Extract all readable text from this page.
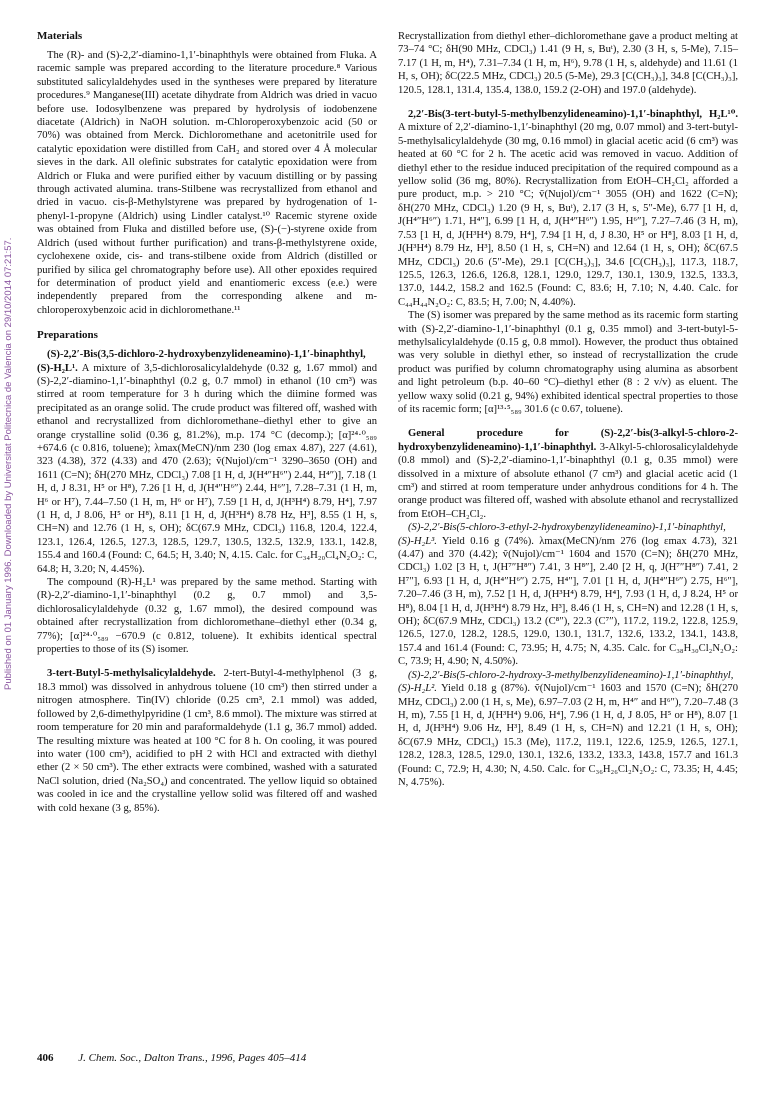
Published on 01 January 1996. Downloaded by Universitat Politecnica de Valencia on 29/10/2014 07:21:57.
Materials

The (R)- and (S)-2,2′-diamino-1,1′-binaphthyls were obtained from Fluka. A racemic sample was prepared according to the literature procedure.⁸ Various substituted salicylaldehydes used in the syntheses were prepared by literature procedures.⁹ Manganese(III) acetate dihydrate from Aldrich was dried in vacuo before use. Iodosylbenzene was prepared by hydrolysis of iodobenzene diacetate (Aldrich) in NaOH solution. m-Chloroperoxybenzoic acid (50 or 70%) was obtained from Merck. Dichloromethane and acetonitrile used for catalytic epoxidation were distilled from CaH₂ and stored over 4 Å molecular sieves in the dark. All olefinic substrates for catalytic epoxidation were from Aldrich or Fluka and were purified either by vacuum distilling or by passing through activated alumina. trans-Stilbene was recrystallized from ethanol and dried in vacuo. cis-β-Methylstyrene was prepared by hydrogenation of 1-phenyl-1-propyne (Aldrich) using Lindler catalyst.¹⁰ Racemic styrene oxide was obtained from Fluka and distilled before use, (S)-(−)-styrene oxide from Aldrich (used without further purification) and trans-β-methylstyrene oxide, cyclohexene oxide, cis- and trans-stilbene oxide from Aldrich (distilled or purified by silica gel chromatography before use). All other epoxides required for determination of product yield and enantiomeric excess (e.e.) were independently prepared from the corresponding alkene and m-chloroperoxybenzoic acid in dichloromethane.¹¹

Preparations

(S)-2,2′-Bis(3,5-dichloro-2-hydroxybenzylideneamino)-1,1′-binaphthyl, (S)-H₂L¹. A mixture of 3,5-dichlorosalicylaldehyde (0.32 g, 1.67 mmol) and (S)-2,2′-diamino-1,1′-binaphthyl (0.2 g, 0.7 mmol) in ethanol (10 cm³) was stirred at room temperature for 3 h during which the diimine formed was precipitated as an orange solid. The crude product was filtered off, washed with ethanol and recrystallized from dichloromethane–diethyl ether to give an orange crystalline solid (0.36 g, 81.2%), m.p. 174 °C (decomp.); [α]²⁴·⁰₅₈₉ +674.6 (c 0.816, toluene); λmax(MeCN)/nm 230 (log εmax 4.87), 227 (4.61), 323 (4.38), 372 (4.33) and 470 (2.63); ṽ(Nujol)/cm⁻¹ 3290–3650 (OH) and 1611 (C=N); δH(270 MHz, CDCl₃) 7.08 [1 H, d, J(H⁴″H⁶″) 2.44, H⁴″)], 7.18 (1 H, d, J 8.31, H⁵ or H⁸), 7.26 [1 H, d, J(H⁴″H⁶″) 2.44, H⁶″], 7.28–7.31 (1 H, m, H⁶ or H⁷), 7.44–7.50 (1 H, m, H⁶ or H⁷), 7.59 [1 H, d, J(H³H⁴) 8.79, H⁴], 7.97 (1 H, d, J 8.06, H⁵ or H⁸), 8.11 [1 H, d, J(H³H⁴) 8.78 Hz, H³], 8.55 (1 H, s, CH=N) and 12.76 (1 H, s, OH); δC(67.9 MHz, CDCl₃) 116.8, 120.4, 122.4, 123.1, 126.4, 126.5, 127.3, 128.5, 129.7, 130.5, 132.5, 132.9, 133.1, 142.8, 155.4 and 160.4 (Found: C, 64.5; H, 3.40; N, 4.15. Calc. for C₃₄H₂₀Cl₄N₂O₂: C, 64.8; H, 3.20; N, 4.45%).

The compound (R)-H₂L¹ was prepared by the same method. Starting with (R)-2,2′-diamino-1,1′-binaphthyl (0.2 g, 0.7 mmol) and 3,5-dichlorosalicylaldehyde (0.32 g, 1.67 mmol), the desired compound was obtained after recrystallization from dichloromethane–diethyl ether (0.34 g, 77%); [α]²⁴·⁰₅₈₉ −670.9 (c 0.812, toluene). It exhibits identical spectral properties to those of its (S) isomer.

3-tert-Butyl-5-methylsalicylaldehyde. 2-tert-Butyl-4-methylphenol (3 g, 18.3 mmol) was dissolved in anhydrous toluene (10 cm³) then stirred under a nitrogen atmosphere. Tin(IV) chloride (0.25 cm³, 2.1 mmol) was added, followed by 2,6-dimethylpyridine (1 cm³, 8.6 mmol). The mixture was stirred at room temperature for 20 min and paraformaldehyde (1.1 g, 36.7 mmol) added. The resulting mixture was heated at 100 °C for 8 h. On cooling, it was poured into water (100 cm³), acidified to pH 2 with HCl and extracted with diethyl ether (2 × 50 cm³). The ether extracts were combined, washed with a saturated NaCl solution, dried (Na₂SO₄) and concentrated. The yellow liquid so obtained was cooled in ice and the crystalline yellow solid was filtered off and washed with cold hexane (3 g, 85%).

Recrystallization from diethyl ether–dichloromethane gave a product melting at 73–74 °C; δH(90 MHz, CDCl₃) 1.41 (9 H, s, Buᵗ), 2.30 (3 H, s, 5-Me), 7.15–7.17 (1 H, m, H⁴), 7.31–7.34 (1 H, m, H⁶), 9.78 (1 H, s, aldehyde) and 11.61 (1 H, s, OH); δC(22.5 MHz, CDCl₃) 20.5 (5-Me), 29.3 [C(CH₃)₃], 34.8 [C(CH₃)₃], 120.5, 128.1, 131.4, 135.4, 138.0, 159.2 (2-OH) and 197.0 (aldehyde).

2,2′-Bis(3-tert-butyl-5-methylbenzylideneamino)-1,1′-binaphthyl, H₂L¹⁰. A mixture of 2,2′-diamino-1,1′-binaphthyl (20 mg, 0.07 mmol) and 3-tert-butyl-5-methylsalicylaldehyde (30 mg, 0.16 mmol) in glacial acetic acid (6 cm³) was heated at 60 °C for 2 h. The acetic acid was removed in vacuo. Addition of diethyl ether to the residue induced precipitation of the required compound as a yellow solid (36 mg, 80%). Recrystallization from EtOH–CH₂Cl₂ afforded a pure product, m.p. > 210 °C; ṽ(Nujol)/cm⁻¹ 3055 (OH) and 1622 (C=N); δH(270 MHz, CDCl₃) 1.20 (9 H, s, Buᵗ), 2.17 (3 H, s, 5″-Me), 6.77 [1 H, d, J(H⁴″H⁶″) 1.71, H⁴″], 6.99 [1 H, d, J(H⁴″H⁶″) 1.95, H⁶″], 7.27–7.46 (3 H, m), 7.53 [1 H, d, J(H³H⁴) 8.79, H⁴], 7.94 [1 H, d, J 8.30, H⁵ or H⁸], 8.03 [1 H, d, J(H³H⁴) 8.79 Hz, H³], 8.50 (1 H, s, CH=N) and 12.64 (1 H, s, OH); δC(67.5 MHz, CDCl₃) 20.6 (5″-Me), 29.1 [C(CH₃)₃], 34.6 [C(CH₃)₃], 117.3, 118.7, 125.5, 126.3, 126.6, 126.8, 128.1, 129.0, 129.7, 130.1, 130.9, 132.5, 133.3, 137.0, 144.2, 158.2 and 162.5 (Found: C, 83.6; H, 7.10; N, 4.40. Calc. for C₄₄H₄₄N₂O₂: C, 83.5; H, 7.00; N, 4.40%).

The (S) isomer was prepared by the same method as its racemic form starting with (S)-2,2′-diamino-1,1′-binaphthyl (0.1 g, 0.35 mmol) and 3-tert-butyl-5-methylsalicylaldehyde (0.15 g, 0.8 mmol). However, the product thus obtained was very soluble in diethyl ether, so instead of recrystallization the crude product was purified by column chromatography using alumina as absorbent and light petroleum (b.p. 40–60 °C)–diethyl ether (8 : 2 v/v) as eluent. The yellow waxy solid (0.21 g, 94%) exhibited identical spectral properties to those of its racemic form; [α]¹³·⁵₅₈₉ 301.6 (c 0.67, toluene).

General procedure for (S)-2,2′-bis(3-alkyl-5-chloro-2-hydroxybenzylideneamino)-1,1′-binaphthyl. 3-Alkyl-5-chlorosalicylaldehyde (0.8 mmol) and (S)-2,2′-diamino-1,1′-binaphthyl (0.1 g, 0.35 mmol) were dissolved in a mixture of absolute ethanol (7 cm³) and glacial acetic acid (1 cm³) and stirred at room temperature under anhydrous conditions for 4 h. The orange product was filtered off, washed with absolute ethanol and recrystallized from EtOH–CH₂Cl₂.

(S)-2,2′-Bis(5-chloro-3-ethyl-2-hydroxybenzylideneamino)-1,1′-binaphthyl, (S)-H₂L³. Yield 0.16 g (74%). λmax(MeCN)/nm 276 (log εmax 4.73), 321 (4.47) and 370 (4.42); ṽ(Nujol)/cm⁻¹ 1604 and 1570 (C=N); δH(270 MHz, CDCl₃) 1.02 [3 H, t, J(H⁷″H⁸″) 7.41, 3 H⁸″], 2.40 [2 H, q, J(H⁷″H⁸″) 7.41, 2 H⁷″], 6.93 [1 H, d, J(H⁴″H⁶″) 2.75, H⁴″], 7.01 [1 H, d, J(H⁴″H⁶″) 2.75, H⁶″], 7.20–7.46 (3 H, m), 7.52 [1 H, d, J(H³H⁴) 8.79, H⁴], 7.93 (1 H, d, J 8.24, H⁵ or H⁸), 8.04 [1 H, d, J(H³H⁴) 8.79 Hz, H³], 8.46 (1 H, s, CH=N) and 12.28 (1 H, s, OH); δC(67.9 MHz, CDCl₃) 13.2 (C⁸″), 22.3 (C⁷″), 117.2, 119.2, 122.8, 125.9, 126.5, 127.0, 128.2, 128.5, 129.0, 130.1, 131.7, 132.6, 133.2, 134.1, 143.8, 157.4 and 161.4 (Found: C, 73.95; H, 4.75; N, 4.35. Calc. for C₃₈H₃₀Cl₂N₂O₂: C, 73.9; H, 4.90; N, 4.50%).

(S)-2,2′-Bis(5-chloro-2-hydroxy-3-methylbenzylideneamino)-1,1′-binaphthyl, (S)-H₂L². Yield 0.18 g (87%). ṽ(Nujol)/cm⁻¹ 1603 and 1570 (C=N); δH(270 MHz, CDCl₃) 2.00 (1 H, s, Me), 6.97–7.03 (2 H, m, H⁴″ and H⁶″), 7.20–7.48 (3 H, m), 7.55 [1 H, d, J(H³H⁴) 9.06, H⁴], 7.96 (1 H, d, J 8.05, H⁵ or H⁸), 8.07 [1 H, d, J(H³H⁴) 9.06 Hz, H³], 8.49 (1 H, s, CH=N) and 12.21 (1 H, s, OH); δC(67.9 MHz, CDCl₃) 15.3 (Me), 117.2, 119.1, 122.6, 125.9, 126.5, 127.1, 128.2, 128.3, 128.5, 129.0, 130.1, 132.6, 133.2, 133.3, 143.8, 157.7 and 161.3 (Found: C, 72.9; H, 4.30; N, 4.50. Calc. for C₃₆H₂₆Cl₂N₂O₂: C, 73.35; H, 4.45; N, 4.75%).

406 J. Chem. Soc., Dalton Trans., 1996, Pages 405–414
